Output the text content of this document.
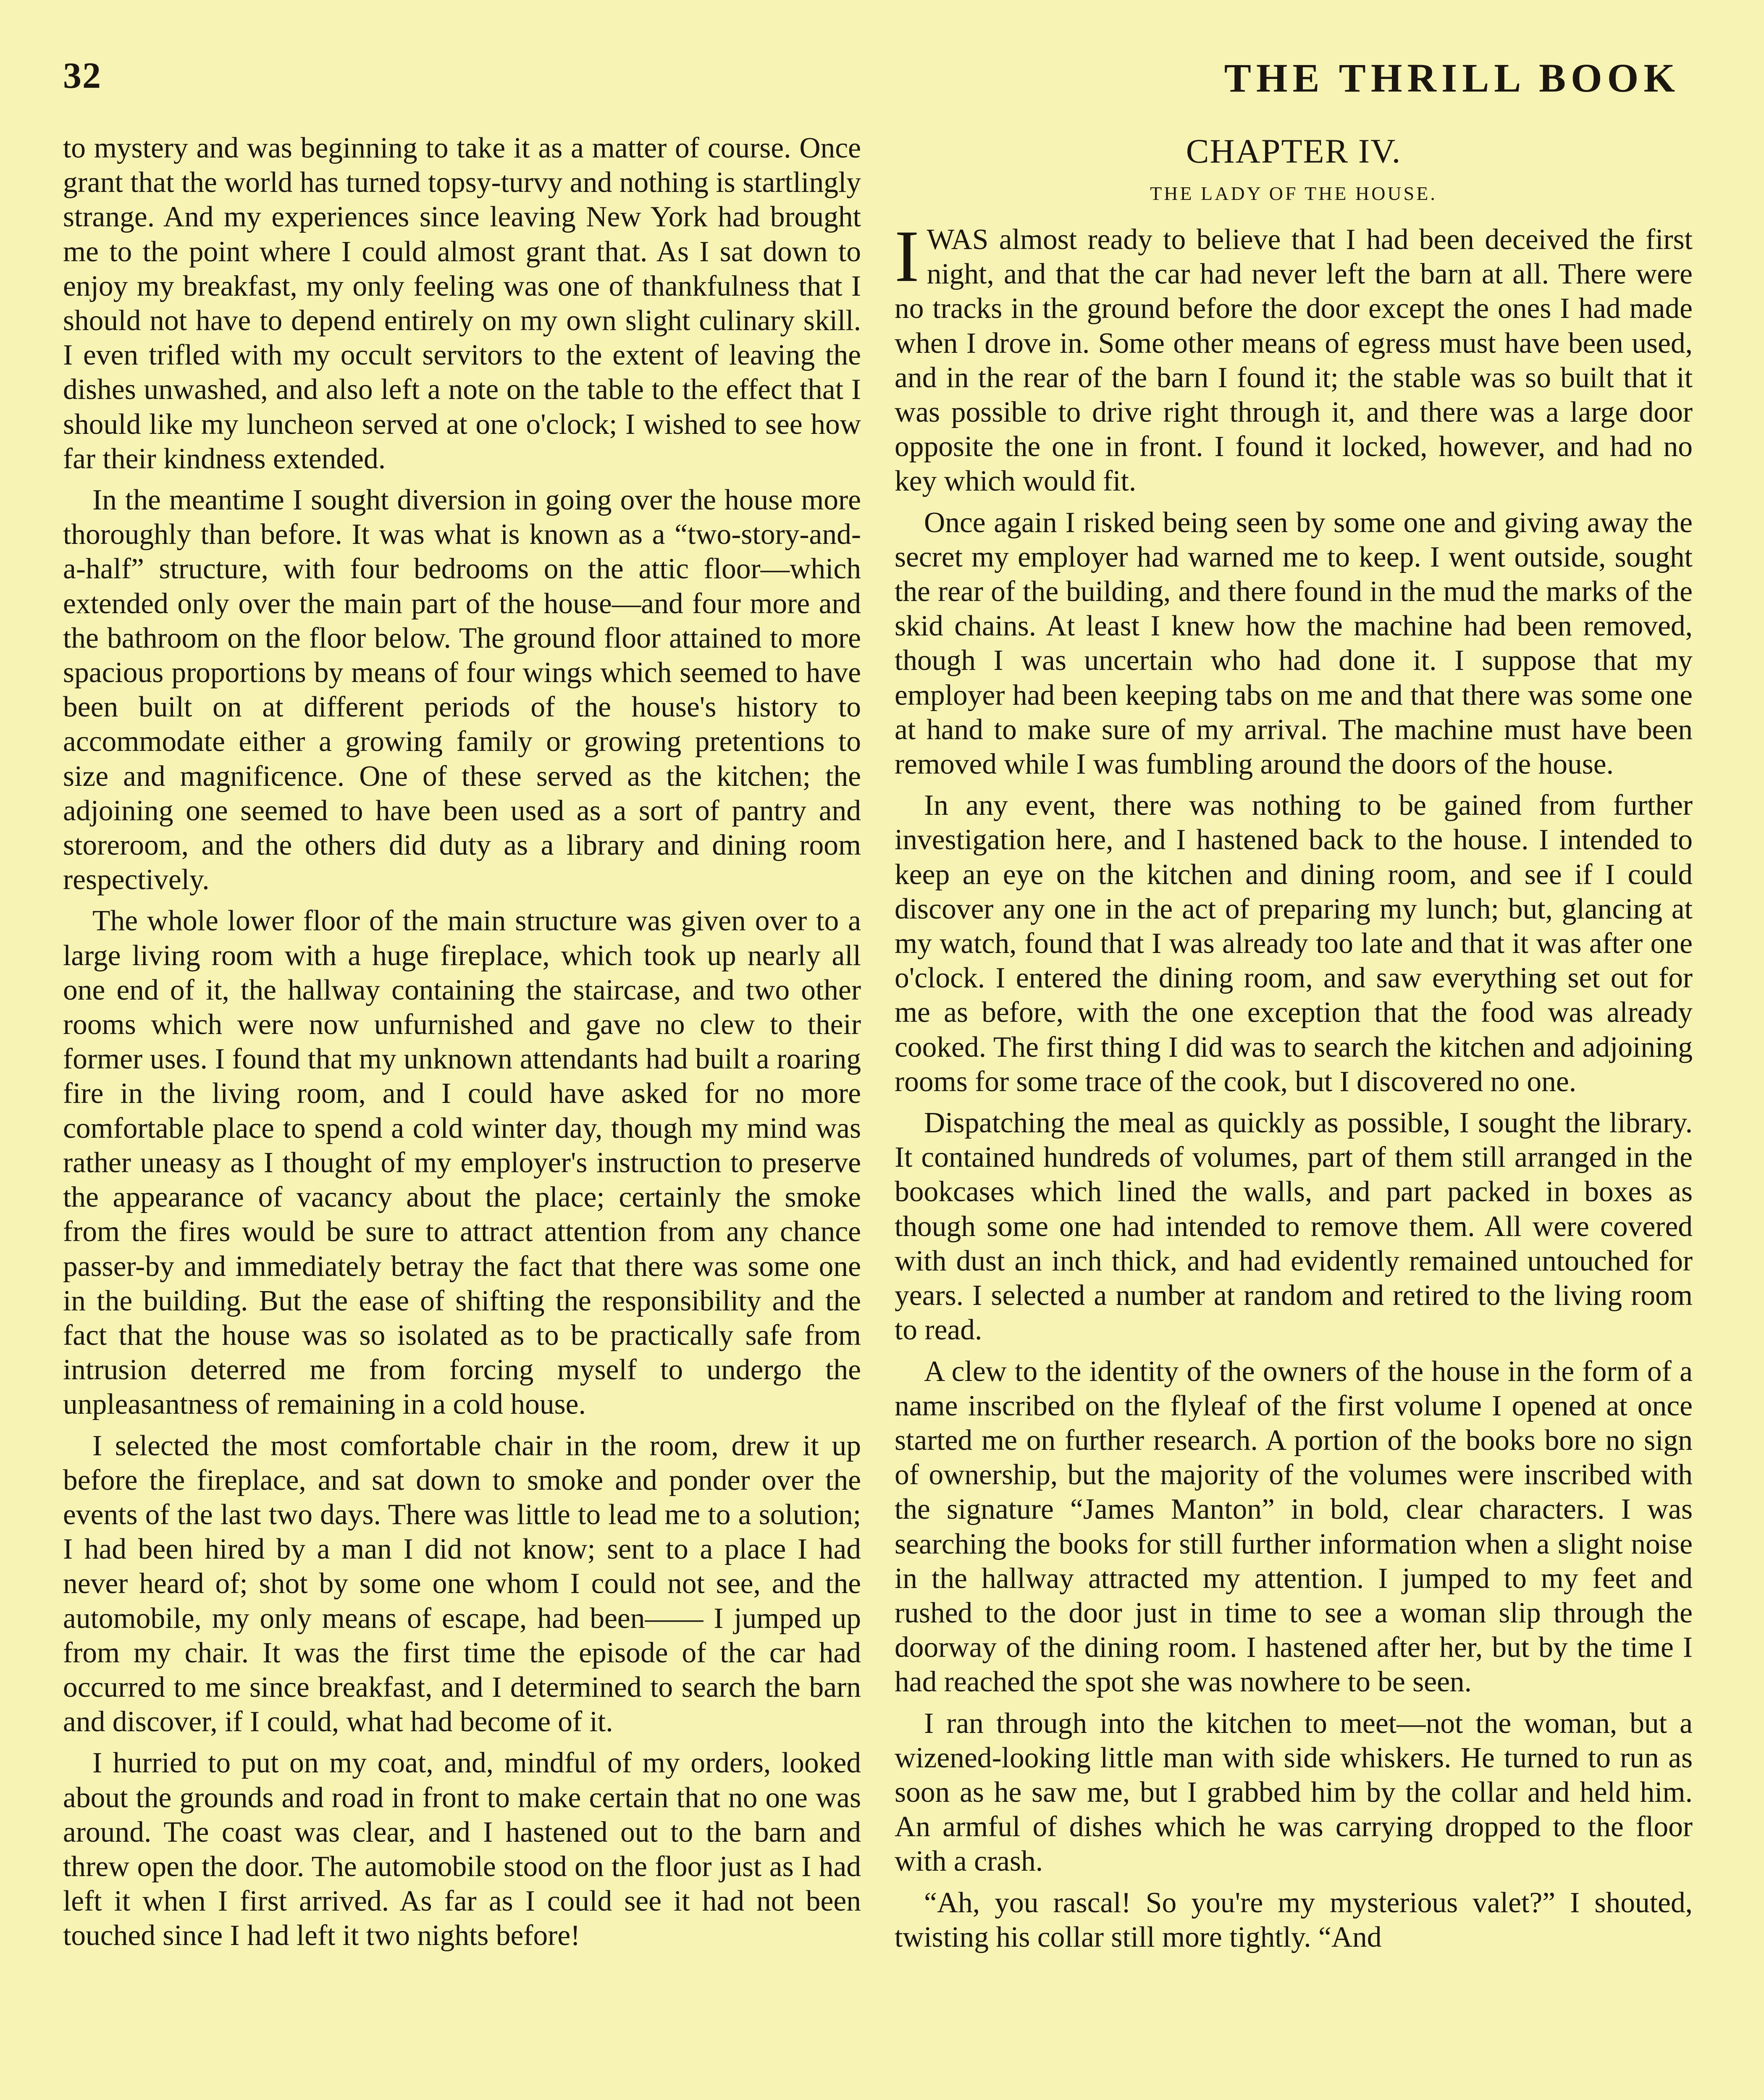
32	THE THRILL BOOK

to mystery and was beginning to take it as a matter of course. Once grant that the world has turned topsy-turvy and nothing is startlingly strange. And my experiences since leaving New York had brought me to the point where I could almost grant that. As I sat down to enjoy my breakfast, my only feeling was one of thankfulness that I should not have to depend entirely on my own slight culinary skill. I even trifled with my occult servitors to the extent of leaving the dishes unwashed, and also left a note on the table to the effect that I should like my luncheon served at one o'clock; I wished to see how far their kindness extended.

In the meantime I sought diversion in going over the house more thoroughly than before. It was what is known as a “two-story-and-a-half” structure, with four bedrooms on the attic floor—which extended only over the main part of the house—and four more and the bathroom on the floor below. The ground floor attained to more spacious proportions by means of four wings which seemed to have been built on at different periods of the house's history to accommodate either a growing family or growing pretentions to size and magnificence. One of these served as the kitchen; the adjoining one seemed to have been used as a sort of pantry and storeroom, and the others did duty as a library and dining room respectively.

The whole lower floor of the main structure was given over to a large living room with a huge fireplace, which took up nearly all one end of it, the hallway containing the staircase, and two other rooms which were now unfurnished and gave no clew to their former uses. I found that my unknown attendants had built a roaring fire in the living room, and I could have asked for no more comfortable place to spend a cold winter day, though my mind was rather uneasy as I thought of my employer's instruction to preserve the appearance of vacancy about the place; certainly the smoke from the fires would be sure to attract attention from any chance passer-by and immediately betray the fact that there was some one in the building. But the ease of shifting the responsibility and the fact that the house was so isolated as to be practically safe from intrusion deterred me from forcing myself to undergo the unpleasantness of remaining in a cold house.

I selected the most comfortable chair in the room, drew it up before the fireplace, and sat down to smoke and ponder over the events of the last two days. There was little to lead me to a solution; I had been hired by a man I did not know; sent to a place I had never heard of; shot by some one whom I could not see, and the automobile, my only means of escape, had been—— I jumped up from my chair. It was the first time the episode of the car had occurred to me since breakfast, and I determined to search the barn and discover, if I could, what had become of it.

I hurried to put on my coat, and, mindful of my orders, looked about the grounds and road in front to make certain that no one was around. The coast was clear, and I hastened out to the barn and threw open the door. The automobile stood on the floor just as I had left it when I first arrived. As far as I could see it had not been touched since I had left it two nights before!

CHAPTER IV.
THE LADY OF THE HOUSE.

IWAS almost ready to believe that I had been deceived the first night, and that the car had never left the barn at all. There were no tracks in the ground before the door except the ones I had made when I drove in. Some other means of egress must have been used, and in the rear of the barn I found it; the stable was so built that it was possible to drive right through it, and there was a large door opposite the one in front. I found it locked, however, and had no key which would fit.

Once again I risked being seen by some one and giving away the secret my employer had warned me to keep. I went outside, sought the rear of the building, and there found in the mud the marks of the skid chains. At least I knew how the machine had been removed, though I was uncertain who had done it. I suppose that my employer had been keeping tabs on me and that there was some one at hand to make sure of my arrival. The machine must have been removed while I was fumbling around the doors of the house.

In any event, there was nothing to be gained from further investigation here, and I hastened back to the house. I intended to keep an eye on the kitchen and dining room, and see if I could discover any one in the act of preparing my lunch; but, glancing at my watch, found that I was already too late and that it was after one o'clock. I entered the dining room, and saw everything set out for me as before, with the one exception that the food was already cooked. The first thing I did was to search the kitchen and adjoining rooms for some trace of the cook, but I discovered no one.

Dispatching the meal as quickly as possible, I sought the library. It contained hundreds of volumes, part of them still arranged in the bookcases which lined the walls, and part packed in boxes as though some one had intended to remove them. All were covered with dust an inch thick, and had evidently remained untouched for years. I selected a number at random and retired to the living room to read.

A clew to the identity of the owners of the house in the form of a name inscribed on the flyleaf of the first volume I opened at once started me on further research. A portion of the books bore no sign of ownership, but the majority of the volumes were inscribed with the signature “James Manton” in bold, clear characters. I was searching the books for still further information when a slight noise in the hallway attracted my attention. I jumped to my feet and rushed to the door just in time to see a woman slip through the doorway of the dining room. I hastened after her, but by the time I had reached the spot she was nowhere to be seen.

I ran through into the kitchen to meet—not the woman, but a wizened-looking little man with side whiskers. He turned to run as soon as he saw me, but I grabbed him by the collar and held him. An armful of dishes which he was carrying dropped to the floor with a crash.

“Ah, you rascal! So you're my mysterious valet?” I shouted, twisting his collar still more tightly. “And
